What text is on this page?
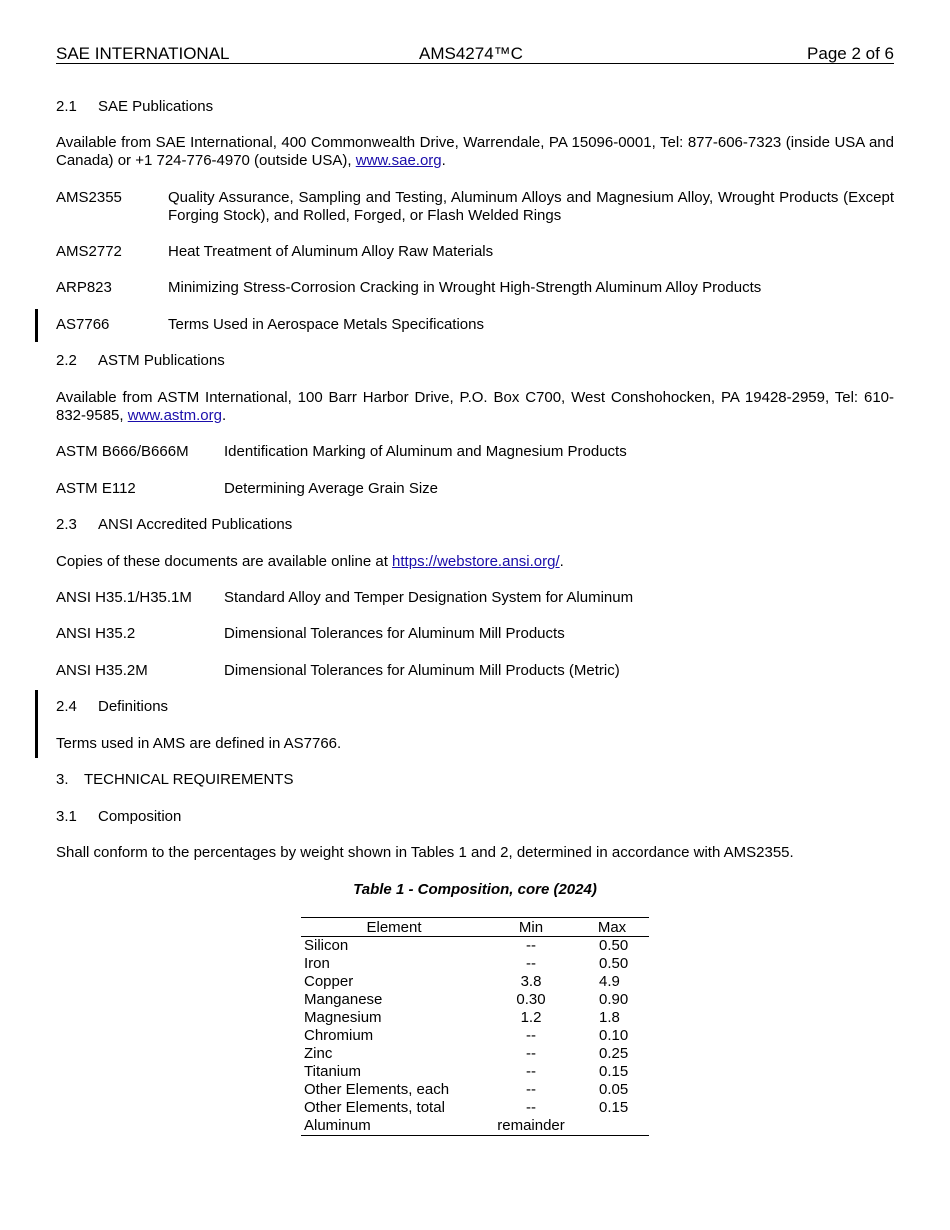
SAE INTERNATIONAL	AMS4274™C	Page 2 of 6
2.1 SAE Publications
Available from SAE International, 400 Commonwealth Drive, Warrendale, PA 15096-0001, Tel: 877-606-7323 (inside USA and Canada) or +1 724-776-4970 (outside USA), www.sae.org.
AMS2355	Quality Assurance, Sampling and Testing, Aluminum Alloys and Magnesium Alloy, Wrought Products (Except Forging Stock), and Rolled, Forged, or Flash Welded Rings
AMS2772	Heat Treatment of Aluminum Alloy Raw Materials
ARP823	Minimizing Stress-Corrosion Cracking in Wrought High-Strength Aluminum Alloy Products
AS7766	Terms Used in Aerospace Metals Specifications
2.2 ASTM Publications
Available from ASTM International, 100 Barr Harbor Drive, P.O. Box C700, West Conshohocken, PA 19428-2959, Tel: 610-832-9585, www.astm.org.
ASTM B666/B666M Identification Marking of Aluminum and Magnesium Products
ASTM E112	Determining Average Grain Size
2.3 ANSI Accredited Publications
Copies of these documents are available online at https://webstore.ansi.org/.
ANSI H35.1/H35.1M Standard Alloy and Temper Designation System for Aluminum
ANSI H35.2	Dimensional Tolerances for Aluminum Mill Products
ANSI H35.2M	Dimensional Tolerances for Aluminum Mill Products (Metric)
2.4 Definitions
Terms used in AMS are defined in AS7766.
3. TECHNICAL REQUIREMENTS
3.1 Composition
Shall conform to the percentages by weight shown in Tables 1 and 2, determined in accordance with AMS2355.
Table 1 - Composition, core (2024)
Element	Min	Max
Silicon	--	0.50
Iron	--	0.50
Copper	3.8	4.9
Manganese	0.30	0.90
Magnesium	1.2	1.8
Chromium	--	0.10
Zinc	--	0.25
Titanium	--	0.15
Other Elements, each	--	0.05
Other Elements, total	--	0.15
Aluminum	remainder	
